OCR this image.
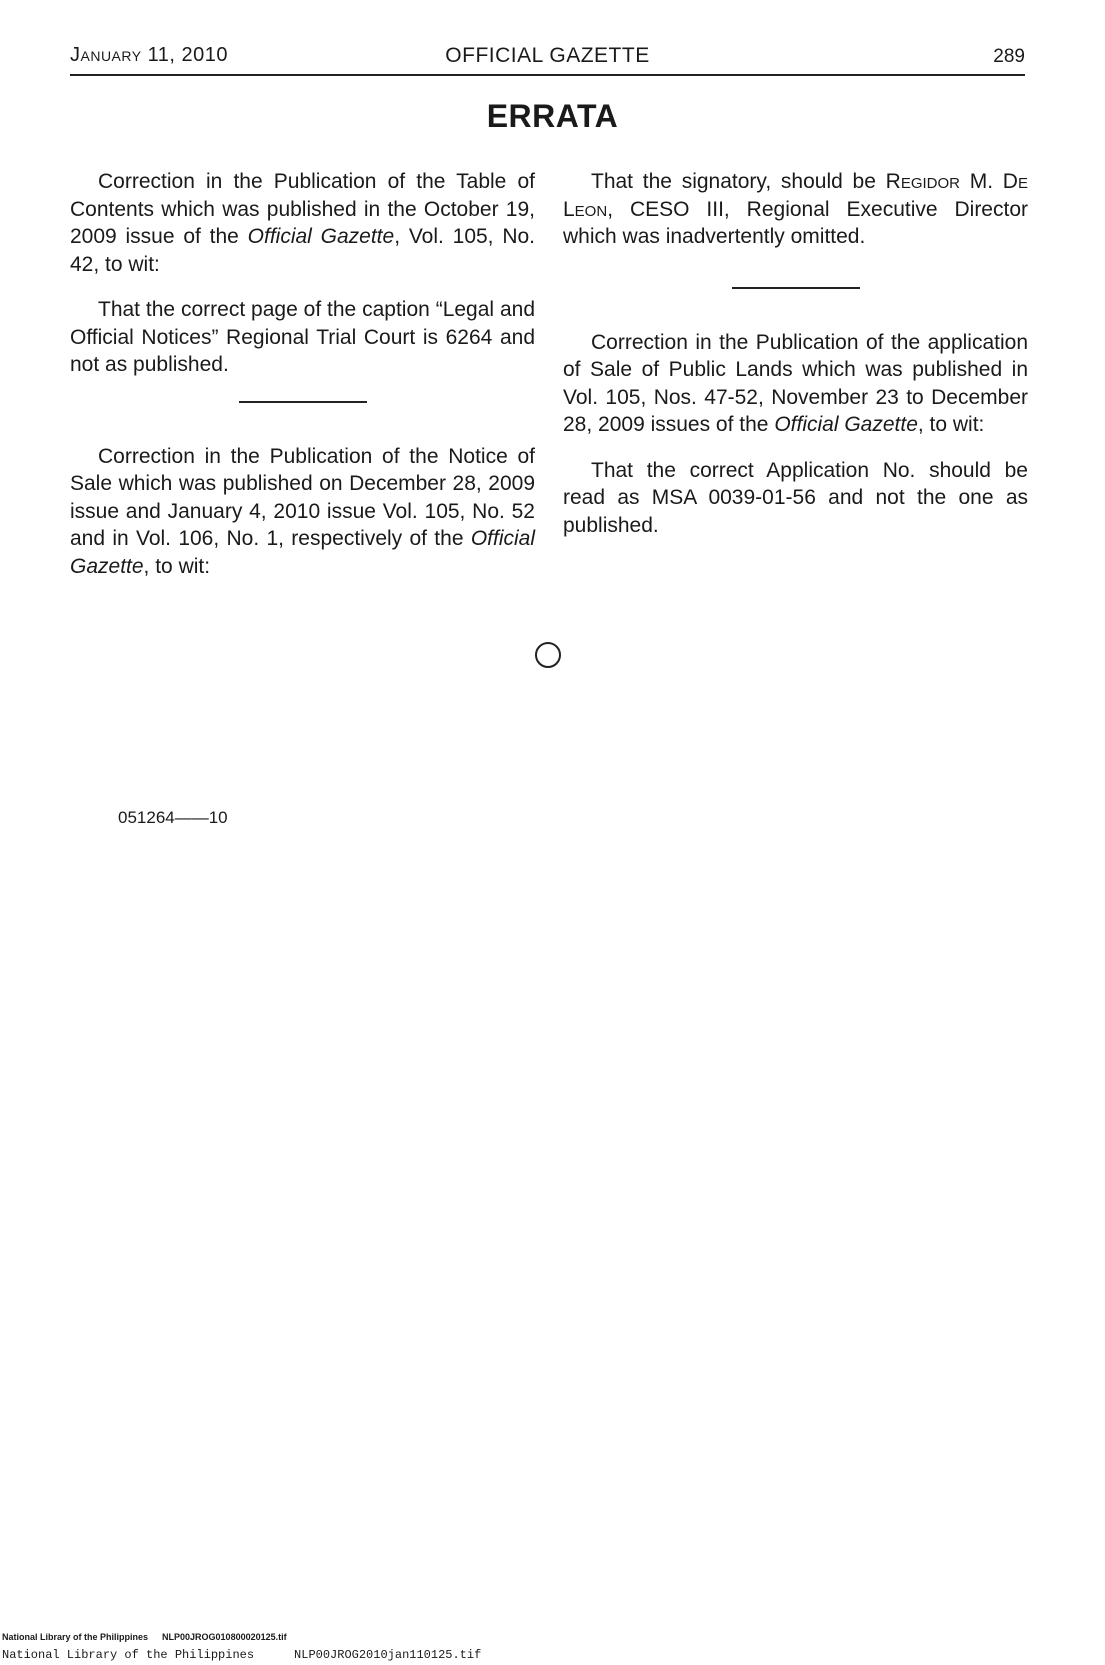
January 11, 2010	OFFICIAL GAZETTE	289
ERRATA

Correction in the Publication of the Table of Contents which was published in the October 19, 2009 issue of the Official Gazette, Vol. 105, No. 42, to wit:

That the correct page of the caption “Legal and Official Notices” Regional Trial Court is 6264 and not as published.

Correction in the Publication of the Notice of Sale which was published on December 28, 2009 issue and January 4, 2010 issue Vol. 105, No. 52 and in Vol. 106, No. 1, respectively of the Official Gazette, to wit:

That the signatory, should be Regidor M. De Leon, CESO III, Regional Executive Director which was inadvertently omitted.

Correction in the Publication of the application of Sale of Public Lands which was published in Vol. 105, Nos. 47-52, November 23 to December 28, 2009 issues of the Official Gazette, to wit:

That the correct Application No. should be read as MSA 0039-01-56 and not the one as published.

051264——10
National Library of the Philippines NLP00JROG010800020125.tif
National Library of the Philippines	NLP00JROG2010jan110125.tif
